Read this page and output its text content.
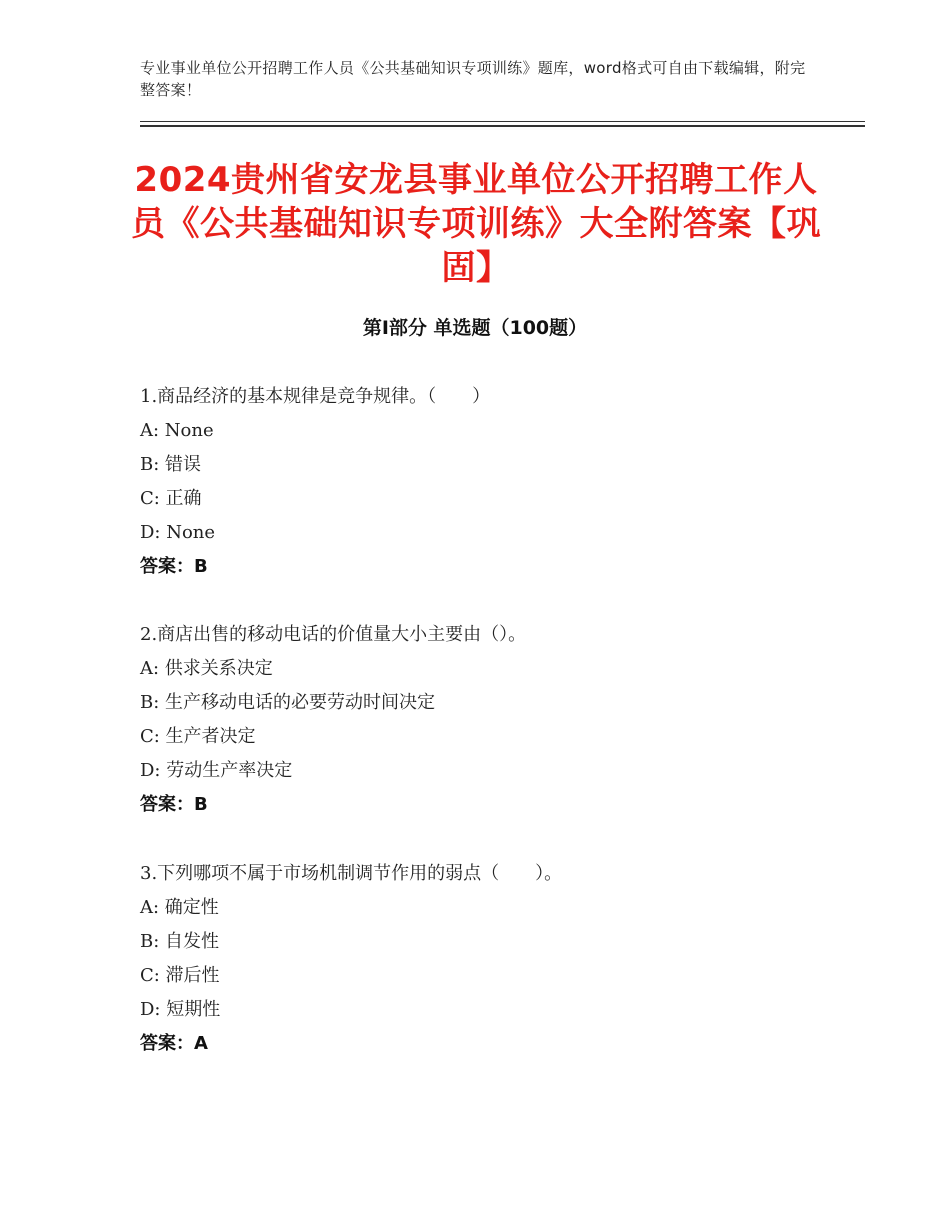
专业事业单位公开招聘工作人员《公共基础知识专项训练》题库，word格式可自由下载编辑，附完整答案！
2024贵州省安龙县事业单位公开招聘工作人员《公共基础知识专项训练》大全附答案【巩固】
第Ⅰ部分 单选题（100题）
1.商品经济的基本规律是竞争规律。（　　）
A: None
B: 错误
C: 正确
D: None
答案：B
2.商店出售的移动电话的价值量大小主要由（）。
A: 供求关系决定
B: 生产移动电话的必要劳动时间决定
C: 生产者决定
D: 劳动生产率决定
答案：B
3.下列哪项不属于市场机制调节作用的弱点（　　）。
A: 确定性
B: 自发性
C: 滞后性
D: 短期性
答案：A
